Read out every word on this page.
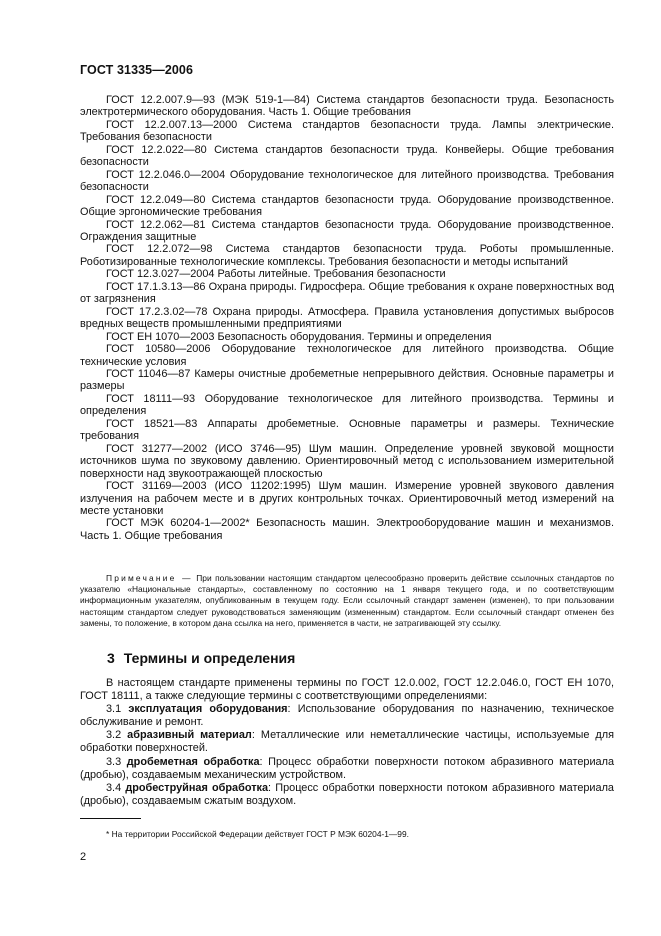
ГОСТ 31335—2006

ГОСТ 12.2.007.9—93 (МЭК 519-1—84) Система стандартов безопасности труда. Безопасность электротермического оборудования. Часть 1. Общие требования

ГОСТ 12.2.007.13—2000 Система стандартов безопасности труда. Лампы электрические. Требования безопасности

ГОСТ 12.2.022—80 Система стандартов безопасности труда. Конвейеры. Общие требования безопасности

ГОСТ 12.2.046.0—2004 Оборудование технологическое для литейного производства. Требования безопасности

ГОСТ 12.2.049—80 Система стандартов безопасности труда. Оборудование производственное. Общие эргономические требования

ГОСТ 12.2.062—81 Система стандартов безопасности труда. Оборудование производственное. Ограждения защитные

ГОСТ 12.2.072—98 Система стандартов безопасности труда. Роботы промышленные. Роботизированные технологические комплексы. Требования безопасности и методы испытаний

ГОСТ 12.3.027—2004 Работы литейные. Требования безопасности

ГОСТ 17.1.3.13—86 Охрана природы. Гидросфера. Общие требования к охране поверхностных вод от загрязнения

ГОСТ 17.2.3.02—78 Охрана природы. Атмосфера. Правила установления допустимых выбросов вредных веществ промышленными предприятиями

ГОСТ ЕН 1070—2003 Безопасность оборудования. Термины и определения

ГОСТ 10580—2006 Оборудование технологическое для литейного производства. Общие технические условия

ГОСТ 11046—87 Камеры очистные дробеметные непрерывного действия. Основные параметры и размеры

ГОСТ 18111—93 Оборудование технологическое для литейного производства. Термины и определения

ГОСТ 18521—83 Аппараты дробеметные. Основные параметры и размеры. Технические требования

ГОСТ 31277—2002 (ИСО 3746—95) Шум машин. Определение уровней звуковой мощности источников шума по звуковому давлению. Ориентировочный метод с использованием измерительной поверхности над звукоотражающей плоскостью

ГОСТ 31169—2003 (ИСО 11202:1995) Шум машин. Измерение уровней звукового давления излучения на рабочем месте и в других контрольных точках. Ориентировочный метод измерений на месте установки

ГОСТ МЭК 60204-1—2002* Безопасность машин. Электрооборудование машин и механизмов. Часть 1. Общие требования

Примечание — При пользовании настоящим стандартом целесообразно проверить действие ссылочных стандартов по указателю «Национальные стандарты», составленному по состоянию на 1 января текущего года, и по соответствующим информационным указателям, опубликованным в текущем году. Если ссылочный стандарт заменен (изменен), то при пользовании настоящим стандартом следует руководствоваться заменяющим (измененным) стандартом. Если ссылочный стандарт отменен без замены, то положение, в котором дана ссылка на него, применяется в части, не затрагивающей эту ссылку.

3 Термины и определения

В настоящем стандарте применены термины по ГОСТ 12.0.002, ГОСТ 12.2.046.0, ГОСТ ЕН 1070, ГОСТ 18111, а также следующие термины с соответствующими определениями:

3.1 эксплуатация оборудования: Использование оборудования по назначению, техническое обслуживание и ремонт.

3.2 абразивный материал: Металлические или неметаллические частицы, используемые для обработки поверхностей.

3.3 дробеметная обработка: Процесс обработки поверхности потоком абразивного материала (дробью), создаваемым механическим устройством.

3.4 дробеструйная обработка: Процесс обработки поверхности потоком абразивного материала (дробью), создаваемым сжатым воздухом.

* На территории Российской Федерации действует ГОСТ Р МЭК 60204-1—99.
2
